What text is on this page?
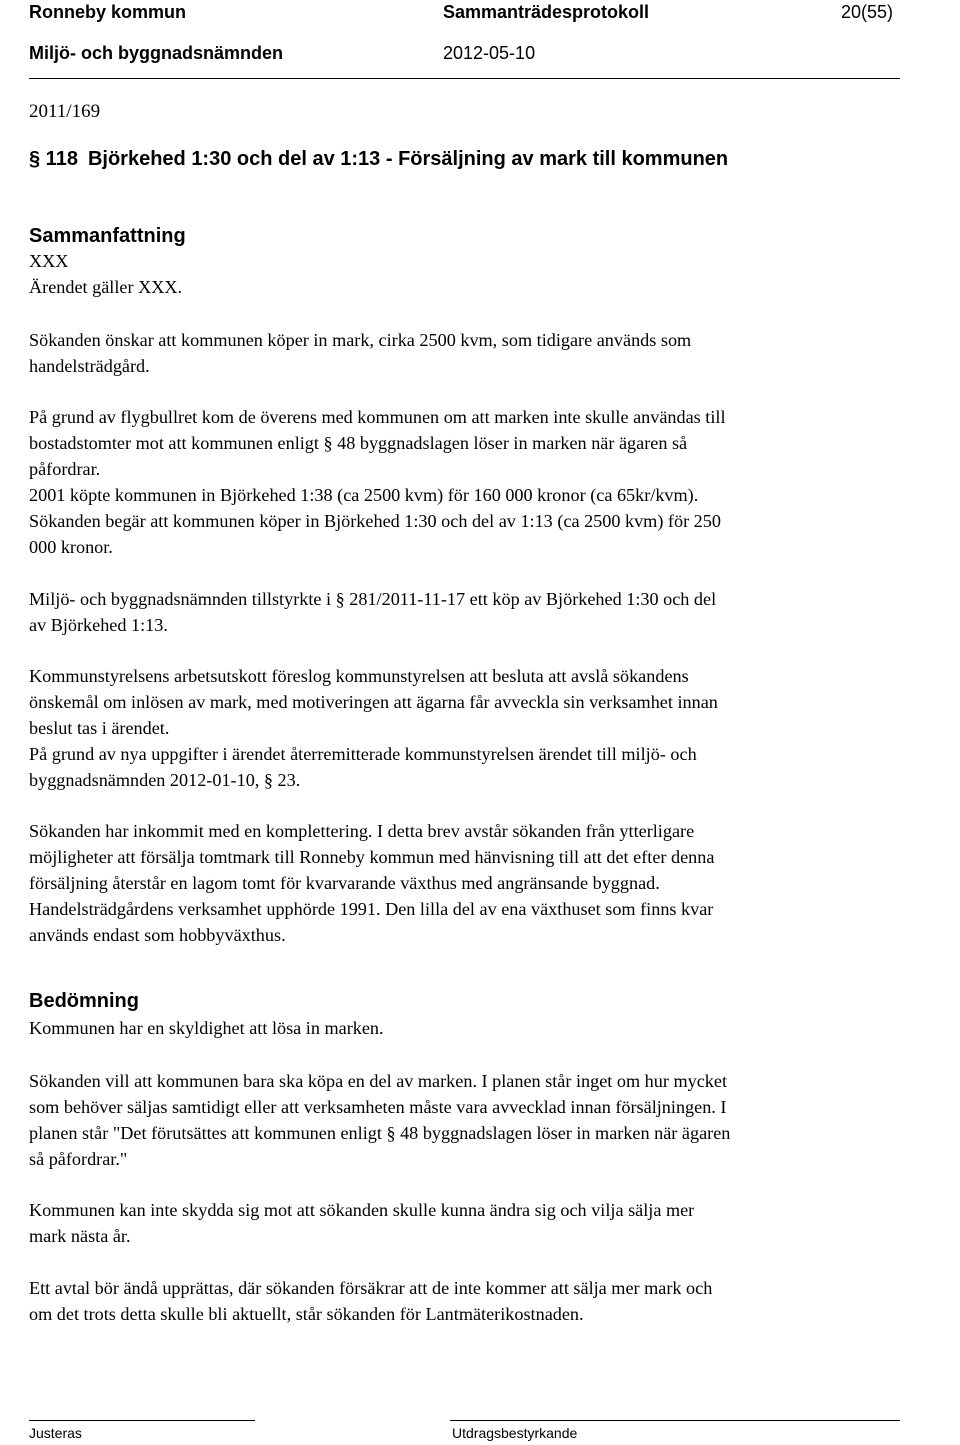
Ronneby kommun	Sammanträdesprotokoll	20(55)
Miljö- och byggnadsnämnden	2012-05-10
2011/169
§ 118 Björkehed 1:30 och del av 1:13 - Försäljning av mark till kommunen
Sammanfattning
XXX
Ärendet gäller XXX.
Sökanden önskar att kommunen köper in mark, cirka 2500 kvm, som tidigare används som
handelsträdgård.
På grund av flygbullret kom de överens med kommunen om att marken inte skulle användas till
bostadstomter mot att kommunen enligt § 48 byggnadslagen löser in marken när ägaren så
påfordrar.
2001 köpte kommunen in Björkehed 1:38 (ca 2500 kvm) för 160 000 kronor (ca 65kr/kvm).
Sökanden begär att kommunen köper in Björkehed 1:30 och del av 1:13 (ca 2500 kvm) för 250
000 kronor.
Miljö- och byggnadsnämnden tillstyrkte i § 281/2011-11-17 ett köp av Björkehed 1:30 och del
av Björkehed 1:13.
Kommunstyrelsens arbetsutskott föreslog kommunstyrelsen att besluta att avslå sökandens
önskemål om inlösen av mark, med motiveringen att ägarna får avveckla sin verksamhet innan
beslut tas i ärendet.
På grund av nya uppgifter i ärendet återremitterade kommunstyrelsen ärendet till miljö- och
byggnadsnämnden 2012-01-10, § 23.
Sökanden har inkommit med en komplettering. I detta brev avstår sökanden från ytterligare
möjligheter att försälja tomtmark till Ronneby kommun med hänvisning till att det efter denna
försäljning återstår en lagom tomt för kvarvarande växthus med angränsande byggnad.
Handelsträdgårdens verksamhet upphörde 1991. Den lilla del av ena växthuset som finns kvar
används endast som hobbyväxthus.
Bedömning
Kommunen har en skyldighet att lösa in marken.
Sökanden vill att kommunen bara ska köpa en del av marken. I planen står inget om hur mycket
som behöver säljas samtidigt eller att verksamheten måste vara avvecklad innan försäljningen. I
planen står "Det förutsättes att kommunen enligt § 48 byggnadslagen löser in marken när ägaren
så påfordrar."
Kommunen kan inte skydda sig mot att sökanden skulle kunna ändra sig och vilja sälja mer
mark nästa år.
Ett avtal bör ändå upprättas, där sökanden försäkrar att de inte kommer att sälja mer mark och
om det trots detta skulle bli aktuellt, står sökanden för Lantmäterikostnaden.
Justeras	Utdragsbestyrkande
